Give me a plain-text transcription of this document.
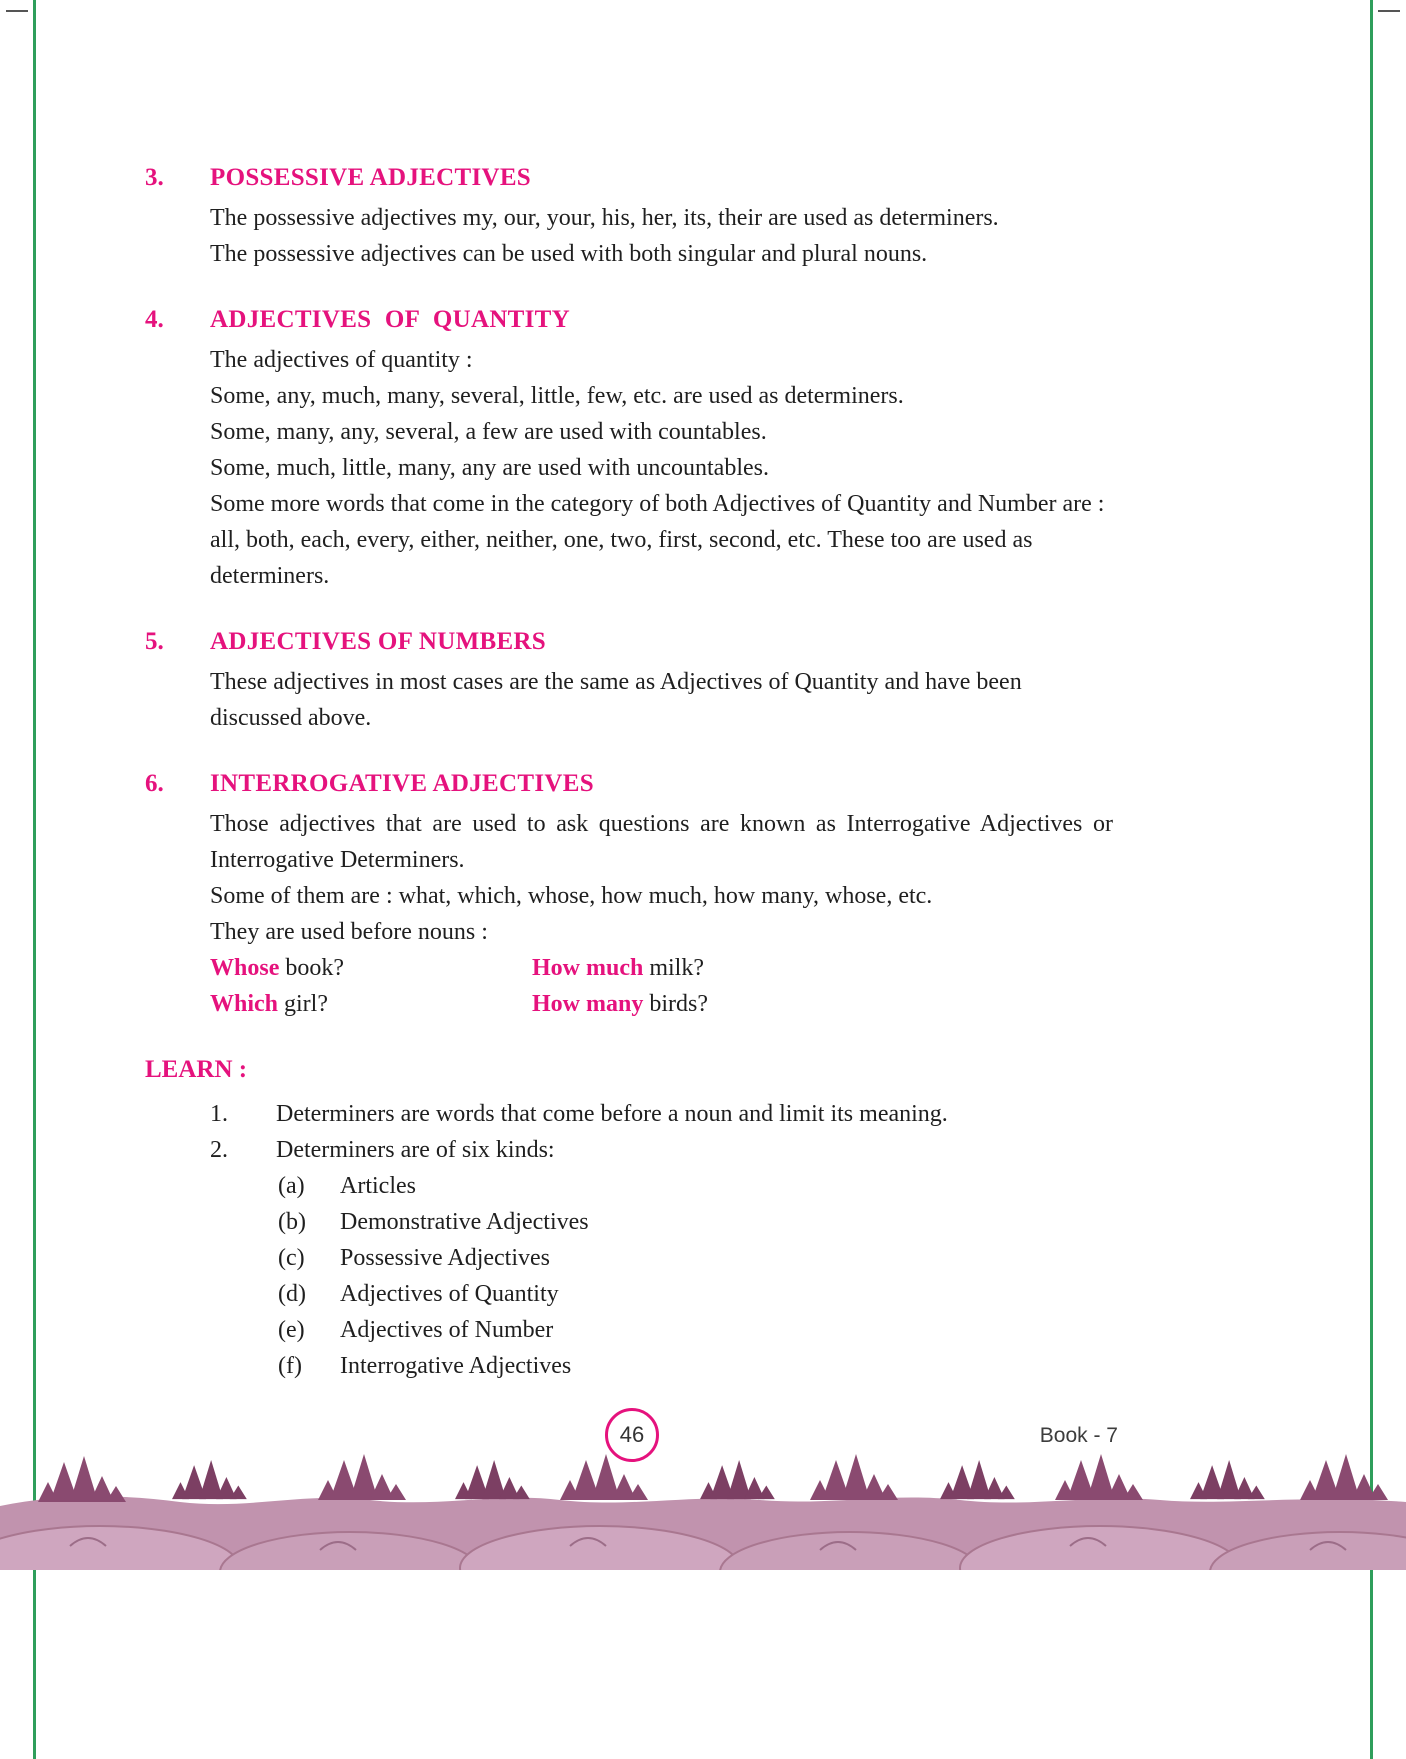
3.	POSSESSIVE ADJECTIVES

The possessive adjectives my, our, your, his, her, its, their are used as determiners.

The possessive adjectives can be used with both singular and plural nouns.

4.	ADJECTIVES OF QUANTITY

The adjectives of quantity :

Some, any, much, many, several, little, few, etc. are used as determiners.

Some, many, any, several, a few are used with countables.

Some, much, little, many, any are used with uncountables.

Some more words that come in the category of both Adjectives of Quantity and Number are :

all, both, each, every, either, neither, one, two, first, second, etc. These too are used as determiners.

5.	ADJECTIVES OF NUMBERS

These adjectives in most cases are the same as Adjectives of Quantity and have been discussed above.

6.	INTERROGATIVE ADJECTIVES

Those adjectives that are used to ask questions are known as Interrogative Adjectives or Interrogative Determiners.

Some of them are : what, which, whose, how much, how many, whose, etc.

They are used before nouns :

Whose book?	How much milk?
Which girl?	How many birds?
LEARN :
1.	Determiners are words that come before a noun and limit its meaning.
2.	Determiners are of six kinds:
(a)	Articles
(b)	Demonstrative Adjectives
(c)	Possessive Adjectives
(d)	Adjectives of Quantity
(e)	Adjectives of Number
(f)	Interrogative Adjectives
46	Book - 7
